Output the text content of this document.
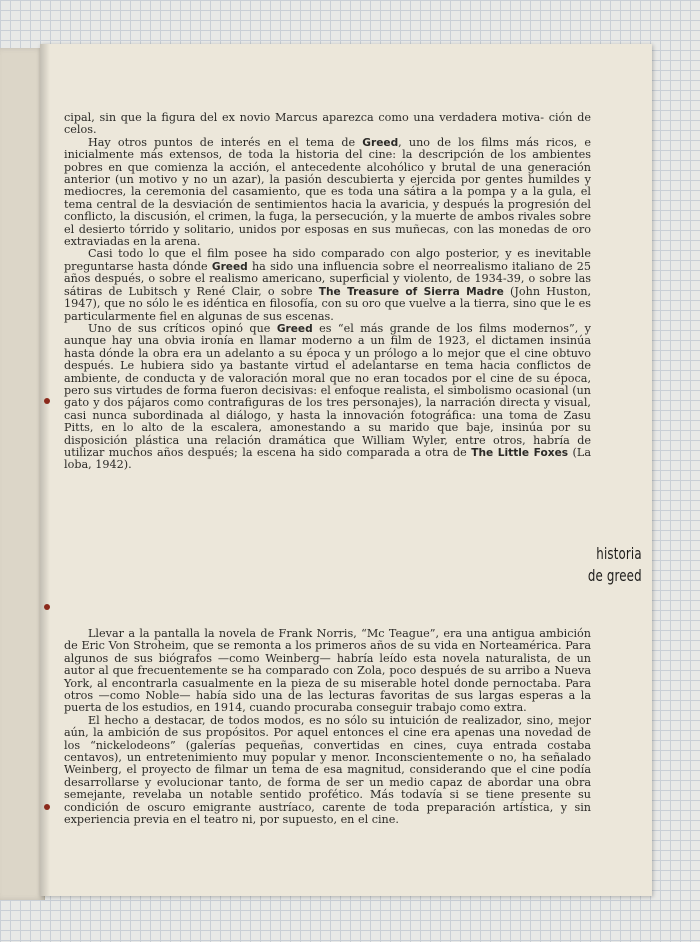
cipal, sin que la figura del ex novio Marcus aparezca como una verdadera motiva- ción de celos.

Hay otros puntos de interés en el tema de Greed, uno de los films más ricos, e inicialmente más extensos, de toda la historia del cine: la descripción de los ambientes pobres en que comienza la acción, el antecedente alcohólico y brutal de una generación anterior (un motivo y no un azar), la pasión descubierta y ejercida por gentes humildes y mediocres, la ceremonia del casamiento, que es toda una sátira a la pompa y a la gula, el tema central de la desviación de sentimientos hacia la avaricia, y después la progresión del conflicto, la discusión, el crimen, la fuga, la persecución, y la muerte de ambos rivales sobre el desierto tórrido y solitario, unidos por esposas en sus muñecas, con las monedas de oro extraviadas en la arena.

Casi todo lo que el film posee ha sido comparado con algo posterior, y es inevitable preguntarse hasta dónde Greed ha sido una influencia sobre el neorrealismo italiano de 25 años después, o sobre el realismo americano, superficial y violento, de 1934-39, o sobre las sátiras de Lubitsch y René Clair, o sobre The Treasure of Sierra Madre (John Huston, 1947), que no sólo le es idéntica en filosofía, con su oro que vuelve a la tierra, sino que le es particularmente fiel en algunas de sus escenas.

Uno de sus críticos opinó que Greed es “el más grande de los films modernos”, y aunque hay una obvia ironía en llamar moderno a un film de 1923, el dictamen insinúa hasta dónde la obra era un adelanto a su época y un prólogo a lo mejor que el cine obtuvo después. Le hubiera sido ya bastante virtud el adelantarse en tema hacia conflictos de ambiente, de conducta y de valoración moral que no eran tocados por el cine de su época, pero sus virtudes de forma fueron decisivas: el enfoque realista, el simbolismo ocasional (un gato y dos pájaros como contrafiguras de los tres personajes), la narración directa y visual, casi nunca subordinada al diálogo, y hasta la innovación fotográfica: una toma de Zasu Pitts, en lo alto de la escalera, amonestando a su marido que baje, insinúa por su disposición plástica una relación dramática que William Wyler, entre otros, habría de utilizar muchos años después; la escena ha sido comparada a otra de The Little Foxes (La loba, 1942).

historia
de greed

Llevar a la pantalla la novela de Frank Norris, “Mc Teague”, era una antigua ambición de Eric Von Stroheim, que se remonta a los primeros años de su vida en Norteamérica. Para algunos de sus biógrafos —como Weinberg— habría leído esta novela naturalista, de un autor al que frecuentemente se ha comparado con Zola, poco después de su arribo a Nueva York, al encontrarla casualmente en la pieza de su miserable hotel donde pernoctaba. Para otros —como Noble— había sido una de las lecturas favoritas de sus largas esperas a la puerta de los estudios, en 1914, cuando procuraba conseguir trabajo como extra.

El hecho a destacar, de todos modos, es no sólo su intuición de realizador, sino, mejor aún, la ambición de sus propósitos. Por aquel entonces el cine era apenas una novedad de los “nickelodeons” (galerías pequeñas, convertidas en cines, cuya entrada costaba centavos), un entretenimiento muy popular y menor. Inconscientemente o no, ha señalado Weinberg, el proyecto de filmar un tema de esa magnitud, considerando que el cine podía desarrollarse y evolucionar tanto, de forma de ser un medio capaz de abordar una obra semejante, revelaba un notable sentido profético. Más todavía si se tiene presente su condición de oscuro emigrante austríaco, carente de toda preparación artística, y sin experiencia previa en el teatro ni, por supuesto, en el cine.
